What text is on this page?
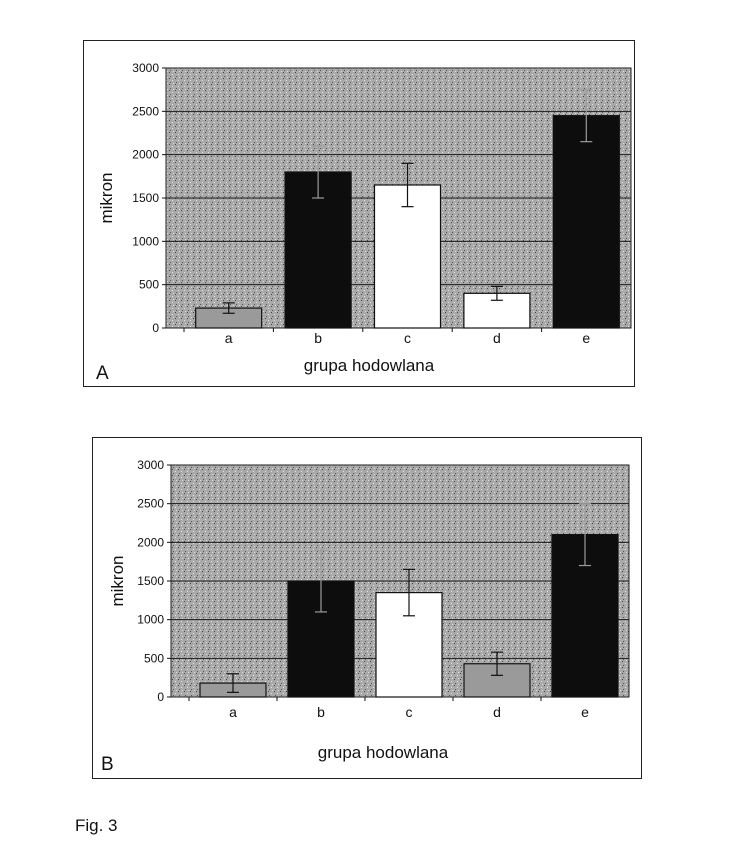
0
500
1000
1500
2000
2500
3000
a	b	c	d	e
grupa hodowlana
mikron
A
0
500
1000
1500
2000
2500
3000
a	b	c	d	e
grupa hodowlana
mikron
B
Fig. 3
